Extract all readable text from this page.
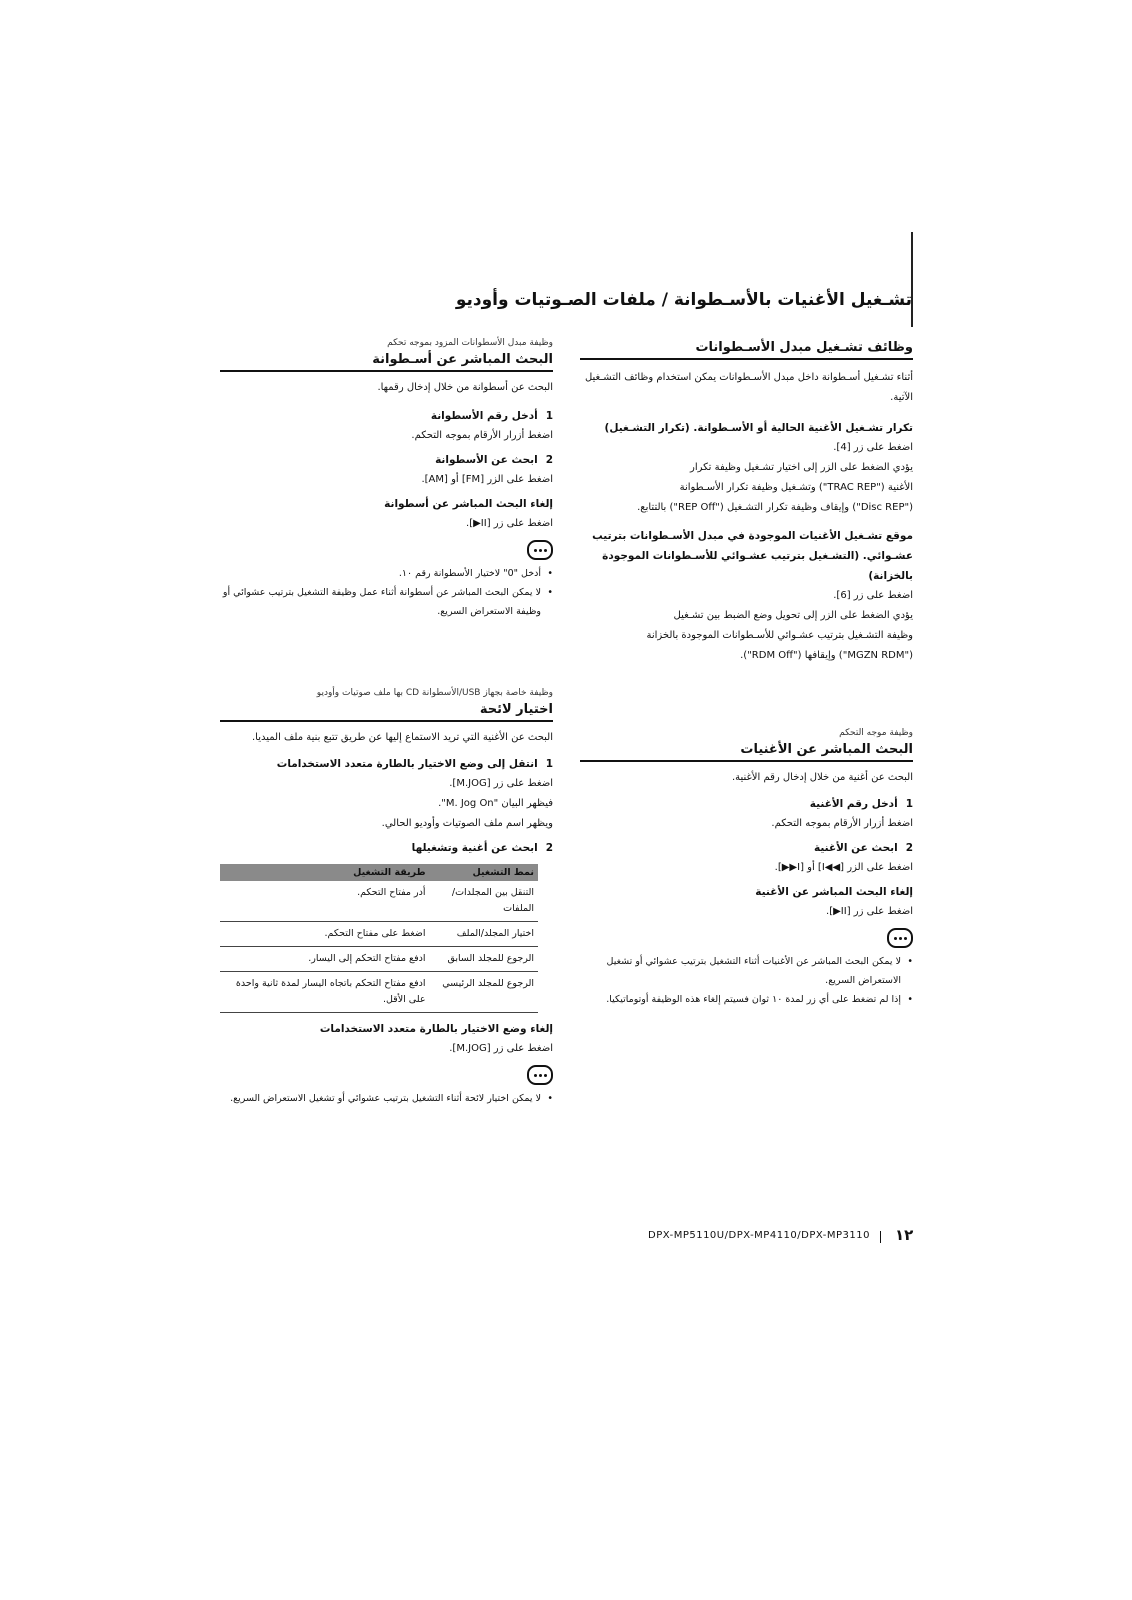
تشـغيل الأغنيات بالأسـطوانة / ملفات الصـوتيات وأوديو
وظائف تشـغيل مبدل الأسـطوانات
أثناء تشـغيل أسـطوانة داخل مبدل الأسـطوانات يمكن استخدام وظائف التشـغيل الآتية.
تكرار تشـغيل الأغنية الحالية أو الأسـطوانة. (تكرار التشـغيل)
اضغط على زر [4].
يؤدي الضغط على الزر إلى اختيار تشـغيل وظيفة تكرار
الأغنية ("TRAC REP") وتشـغيل وظيفة تكرار الأسـطوانة
("Disc REP") وإيقاف وظيفة تكرار التشـغيل ("REP Off") بالتتابع.
موقع تشـغيل الأغنيات الموجودة في مبدل الأسـطوانات بترتيب عشـوائي. (التشـغيل بترتيب عشـوائي للأسـطوانات الموجودة بالخزانة)
اضغط على زر [6].
يؤدي الضغط على الزر إلى تحويل وضع الضبط بين تشـغيل
وظيفة التشـغيل بترتيب عشـوائي للأسـطوانات الموجودة بالخزانة
("MGZN RDM") وإيقافها ("RDM Off").
وظيفة موجه التحكم
البحث المباشر عن الأغنيات
البحث عن أغنية من خلال إدخال رقم الأغنية.
1أدخل رقم الأغنية
اضغط أزرار الأرقام بموجه التحكم.
2ابحث عن الأغنية
اضغط على الزر [◀◀I] أو [I▶▶].
إلغاء البحث المباشر عن الأغنية
اضغط على زر [II▶].
• لا يمكن البحث المباشر عن الأغنيات أثناء التشغيل بترتيب عشوائي أو تشغيل الاستعراض السريع.
• إذا لم تضغط على أي زر لمدة ١٠ ثوان فسيتم إلغاء هذه الوظيفة أوتوماتيكيا.
وظيفة مبدل الأسطوانات المزود بموجه تحكم
البحث المباشر عن أسـطوانة
البحث عن أسطوانة من خلال إدخال رقمها.
1أدخل رقم الأسطوانة
اضغط أزرار الأرقام بموجه التحكم.
2ابحث عن الأسطوانة
اضغط على الزر [FM] أو [AM].
إلغاء البحث المباشر عن أسطوانة
اضغط على زر [II▶].
• أدخل "0" لاختيار الأسطوانة رقم ١٠.
• لا يمكن البحث المباشر عن أسطوانة أثناء عمل وظيفة التشغيل بترتيب عشوائي أو وظيفة الاستعراض السريع.
وظيفة خاصة بجهاز USB/الأسطوانة CD بها ملف صوتيات وأوديو
اختيار لائحة
البحث عن الأغنية التي تريد الاستماع إليها عن طريق تتبع بنية ملف الميديا.
1انتقل إلى وضع الاختيار بالطارة متعدد الاستخدامات
اضغط على زر [M.JOG].
فيظهر البيان "M. Jog On".
ويظهر اسم ملف الصوتيات وأوديو الحالي.
2ابحث عن أغنية وتشغيلها
نمط التشغيل	طريقة التشغيل
التنقل بين المجلدات/الملفات	أدر مفتاح التحكم.
اختيار المجلد/الملف	اضغط على مفتاح التحكم.
الرجوع للمجلد السابق	ادفع مفتاح التحكم إلى اليسار.
الرجوع للمجلد الرئيسي	ادفع مفتاح التحكم باتجاه اليسار لمدة ثانية واحدة على الأقل.
إلغاء وضع الاختيار بالطارة متعدد الاستخدامات
اضغط على زر [M.JOG].
• لا يمكن اختيار لائحة أثناء التشغيل بترتيب عشوائي أو تشغيل الاستعراض السريع.
DPX-MP5110U/DPX-MP4110/DPX-MP3110 ١٢
